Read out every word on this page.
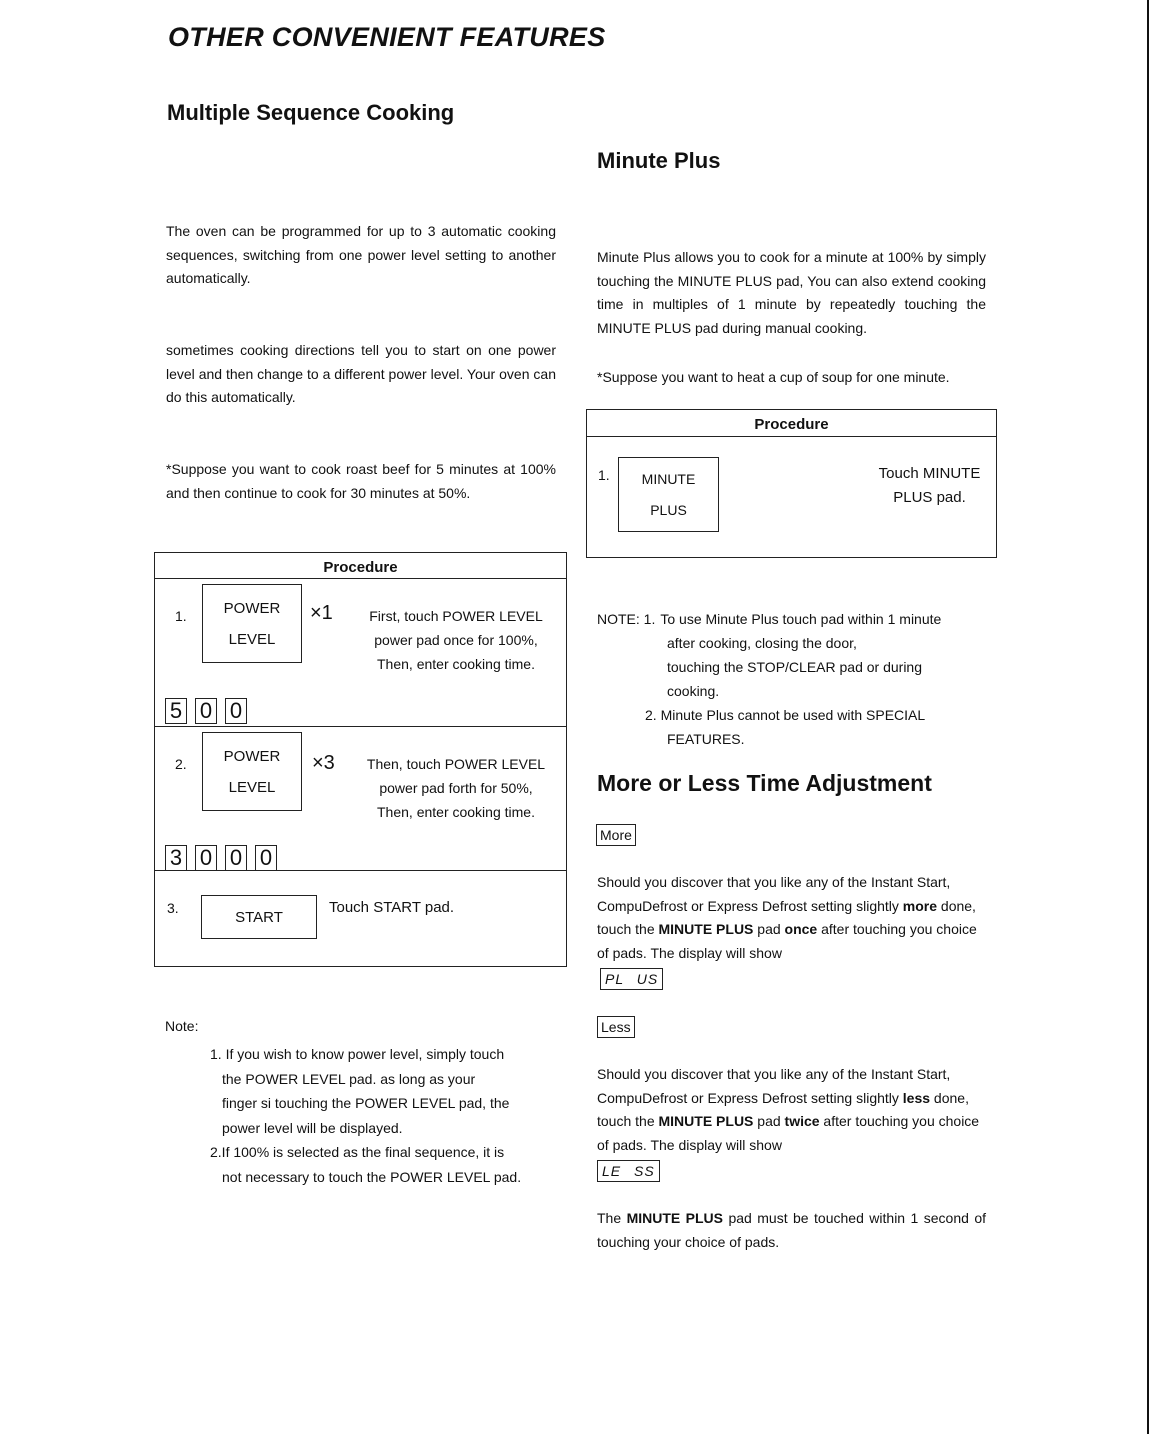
OTHER CONVENIENT FEATURES
Multiple Sequence Cooking
The oven can be programmed for up to 3 automatic cooking sequences, switching from one power level setting to another automatically.
sometimes cooking directions tell you to start on one power level and then change to a different power level. Your oven can do this automatically.
*Suppose you want to cook roast beef for 5 minutes at 100% and then continue to cook for 30 minutes at 50%.
Procedure
1. POWER
LEVEL
×1	First, touch POWER LEVEL
power pad once for 100%,
Then, enter cooking time.
5 0 0
2. POWER
LEVEL
×3	Then, touch POWER LEVEL
power pad forth for 50%,
Then, enter cooking time.
3 0 0 0
3.
START
Touch START pad.
Note:
1. If you wish to know power level, simply touch
the POWER LEVEL pad. as long as your
finger si touching the POWER LEVEL pad, the
power level will be displayed.
2.If 100% is selected as the final sequence, it is
not necessary to touch the POWER LEVEL pad.
Minute Plus
Minute Plus allows you to cook for a minute at 100% by simply touching the MINUTE PLUS pad, You can also extend cooking time in multiples of 1 minute by repeatedly touching the MINUTE PLUS pad during manual cooking.
*Suppose you want to heat a cup of soup for one minute.
Procedure
1. MINUTE
PLUS
Touch MINUTE
PLUS pad.
NOTE: 1. To use Minute Plus touch pad within 1 minute
after cooking, closing the door,
touching the STOP/CLEAR pad or during
cooking.
2. Minute Plus cannot be used with SPECIAL
FEATURES.
More or Less Time Adjustment
More
Should you discover that you like any of the Instant Start, CompuDefrost or Express Defrost setting slightly more done, touch the MINUTE PLUS pad once after touching you choice of pads. The display will show
PL US
Less
Should you discover that you like any of the Instant Start, CompuDefrost or Express Defrost setting slightly less done, touch the MINUTE PLUS pad twice after touching you choice of pads. The display will show
LE SS
The MINUTE PLUS pad must be touched within 1 second of touching your choice of pads.
